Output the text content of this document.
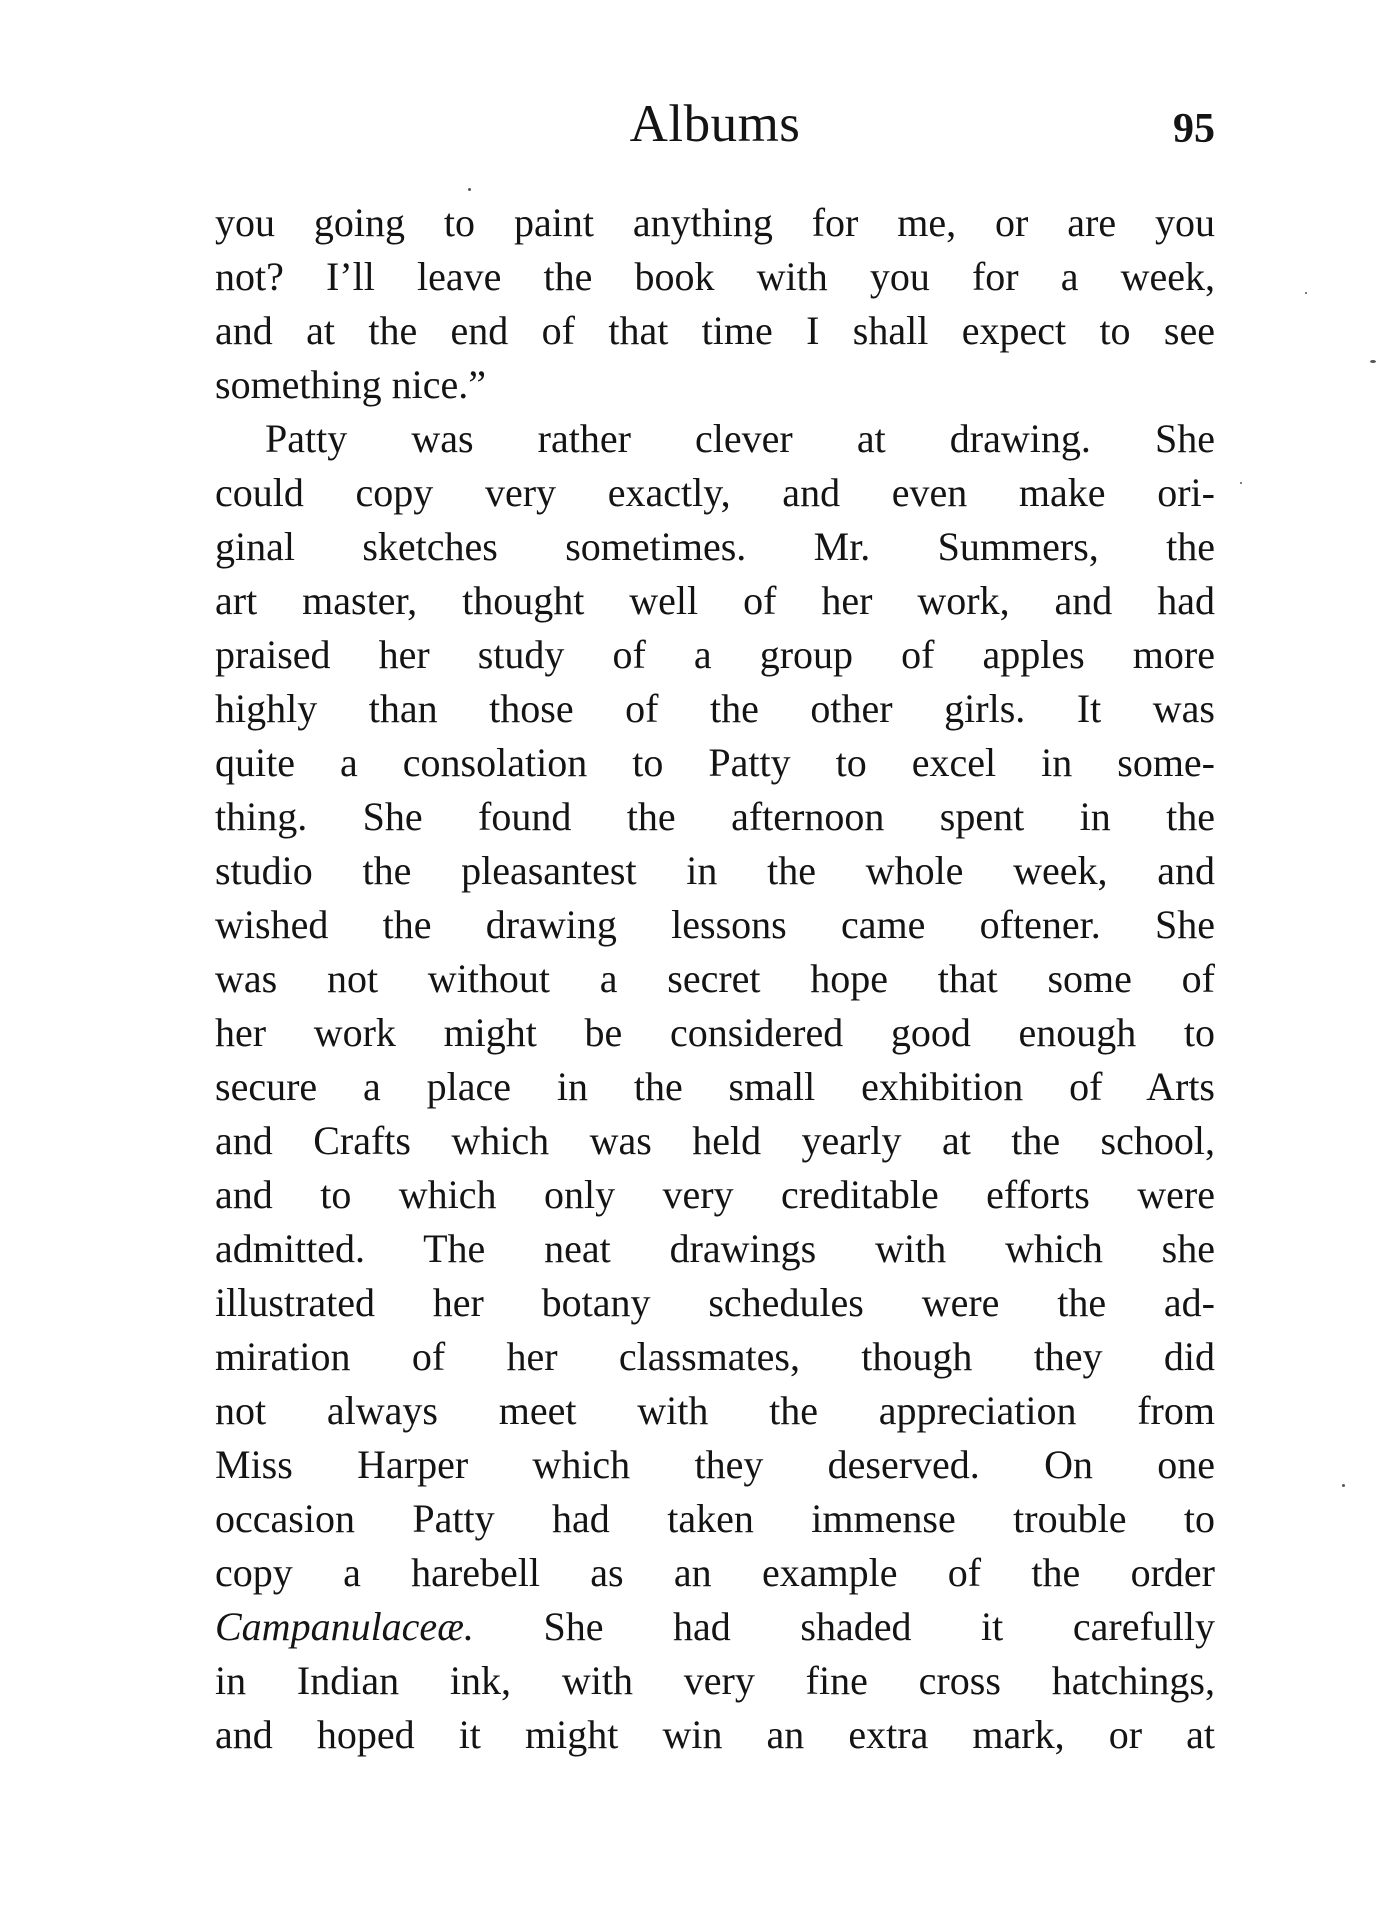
Albums	95
you going to paint anything for me, or are you
not? I’ll leave the book with you for a week,
and at the end of that time I shall expect to see
something nice.”
Patty was rather clever at drawing. She
could copy very exactly, and even make ori-
ginal sketches sometimes. Mr. Summers, the
art master, thought well of her work, and had
praised her study of a group of apples more
highly than those of the other girls. It was
quite a consolation to Patty to excel in some-
thing. She found the afternoon spent in the
studio the pleasantest in the whole week, and
wished the drawing lessons came oftener. She
was not without a secret hope that some of
her work might be considered good enough to
secure a place in the small exhibition of Arts
and Crafts which was held yearly at the school,
and to which only very creditable efforts were
admitted. The neat drawings with which she
illustrated her botany schedules were the ad-
miration of her classmates, though they did
not always meet with the appreciation from
Miss Harper which they deserved. On one
occasion Patty had taken immense trouble to
copy a harebell as an example of the order
Campanulaceæ. She had shaded it carefully
in Indian ink, with very fine cross hatchings,
and hoped it might win an extra mark, or at
